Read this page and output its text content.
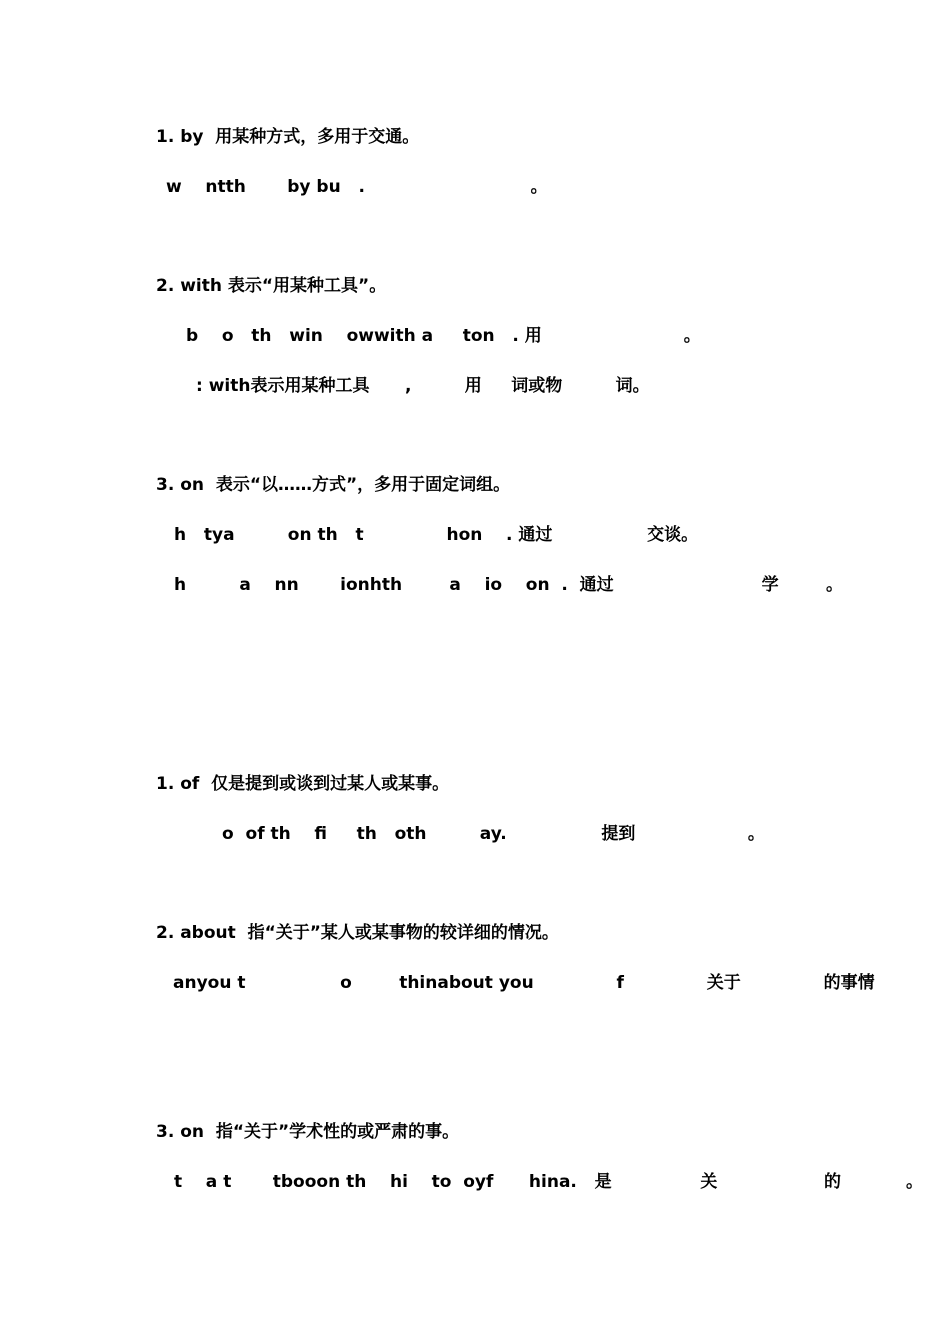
1. by  用某种方式，多用于交通。
w    ntth       by bu   .                            。
2. with 表示“用某种工具”。
b    o   th   win    owwith a     ton   . 用                        。
: with表示用某种工具      ,         用     词或物         词。
3. on  表示“以……方式”，多用于固定词组。
h   tya         on th   t              hon    . 通过                交谈。
h         a    nn       ionhth        a    io    on  .  通过                         学        。
1. of  仅是提到或谈到过某人或某事。
o  of th    fi     th   oth         ay.                提到                   。
2. about  指“关于”某人或某事物的较详细的情况。
anyou t                o        thinabout you              f              关于              的事情
3. on  指“关于”学术性的或严肃的事。
t    a t       tbooon th    hi    to  oyf      hina.   是               关                  的           。
